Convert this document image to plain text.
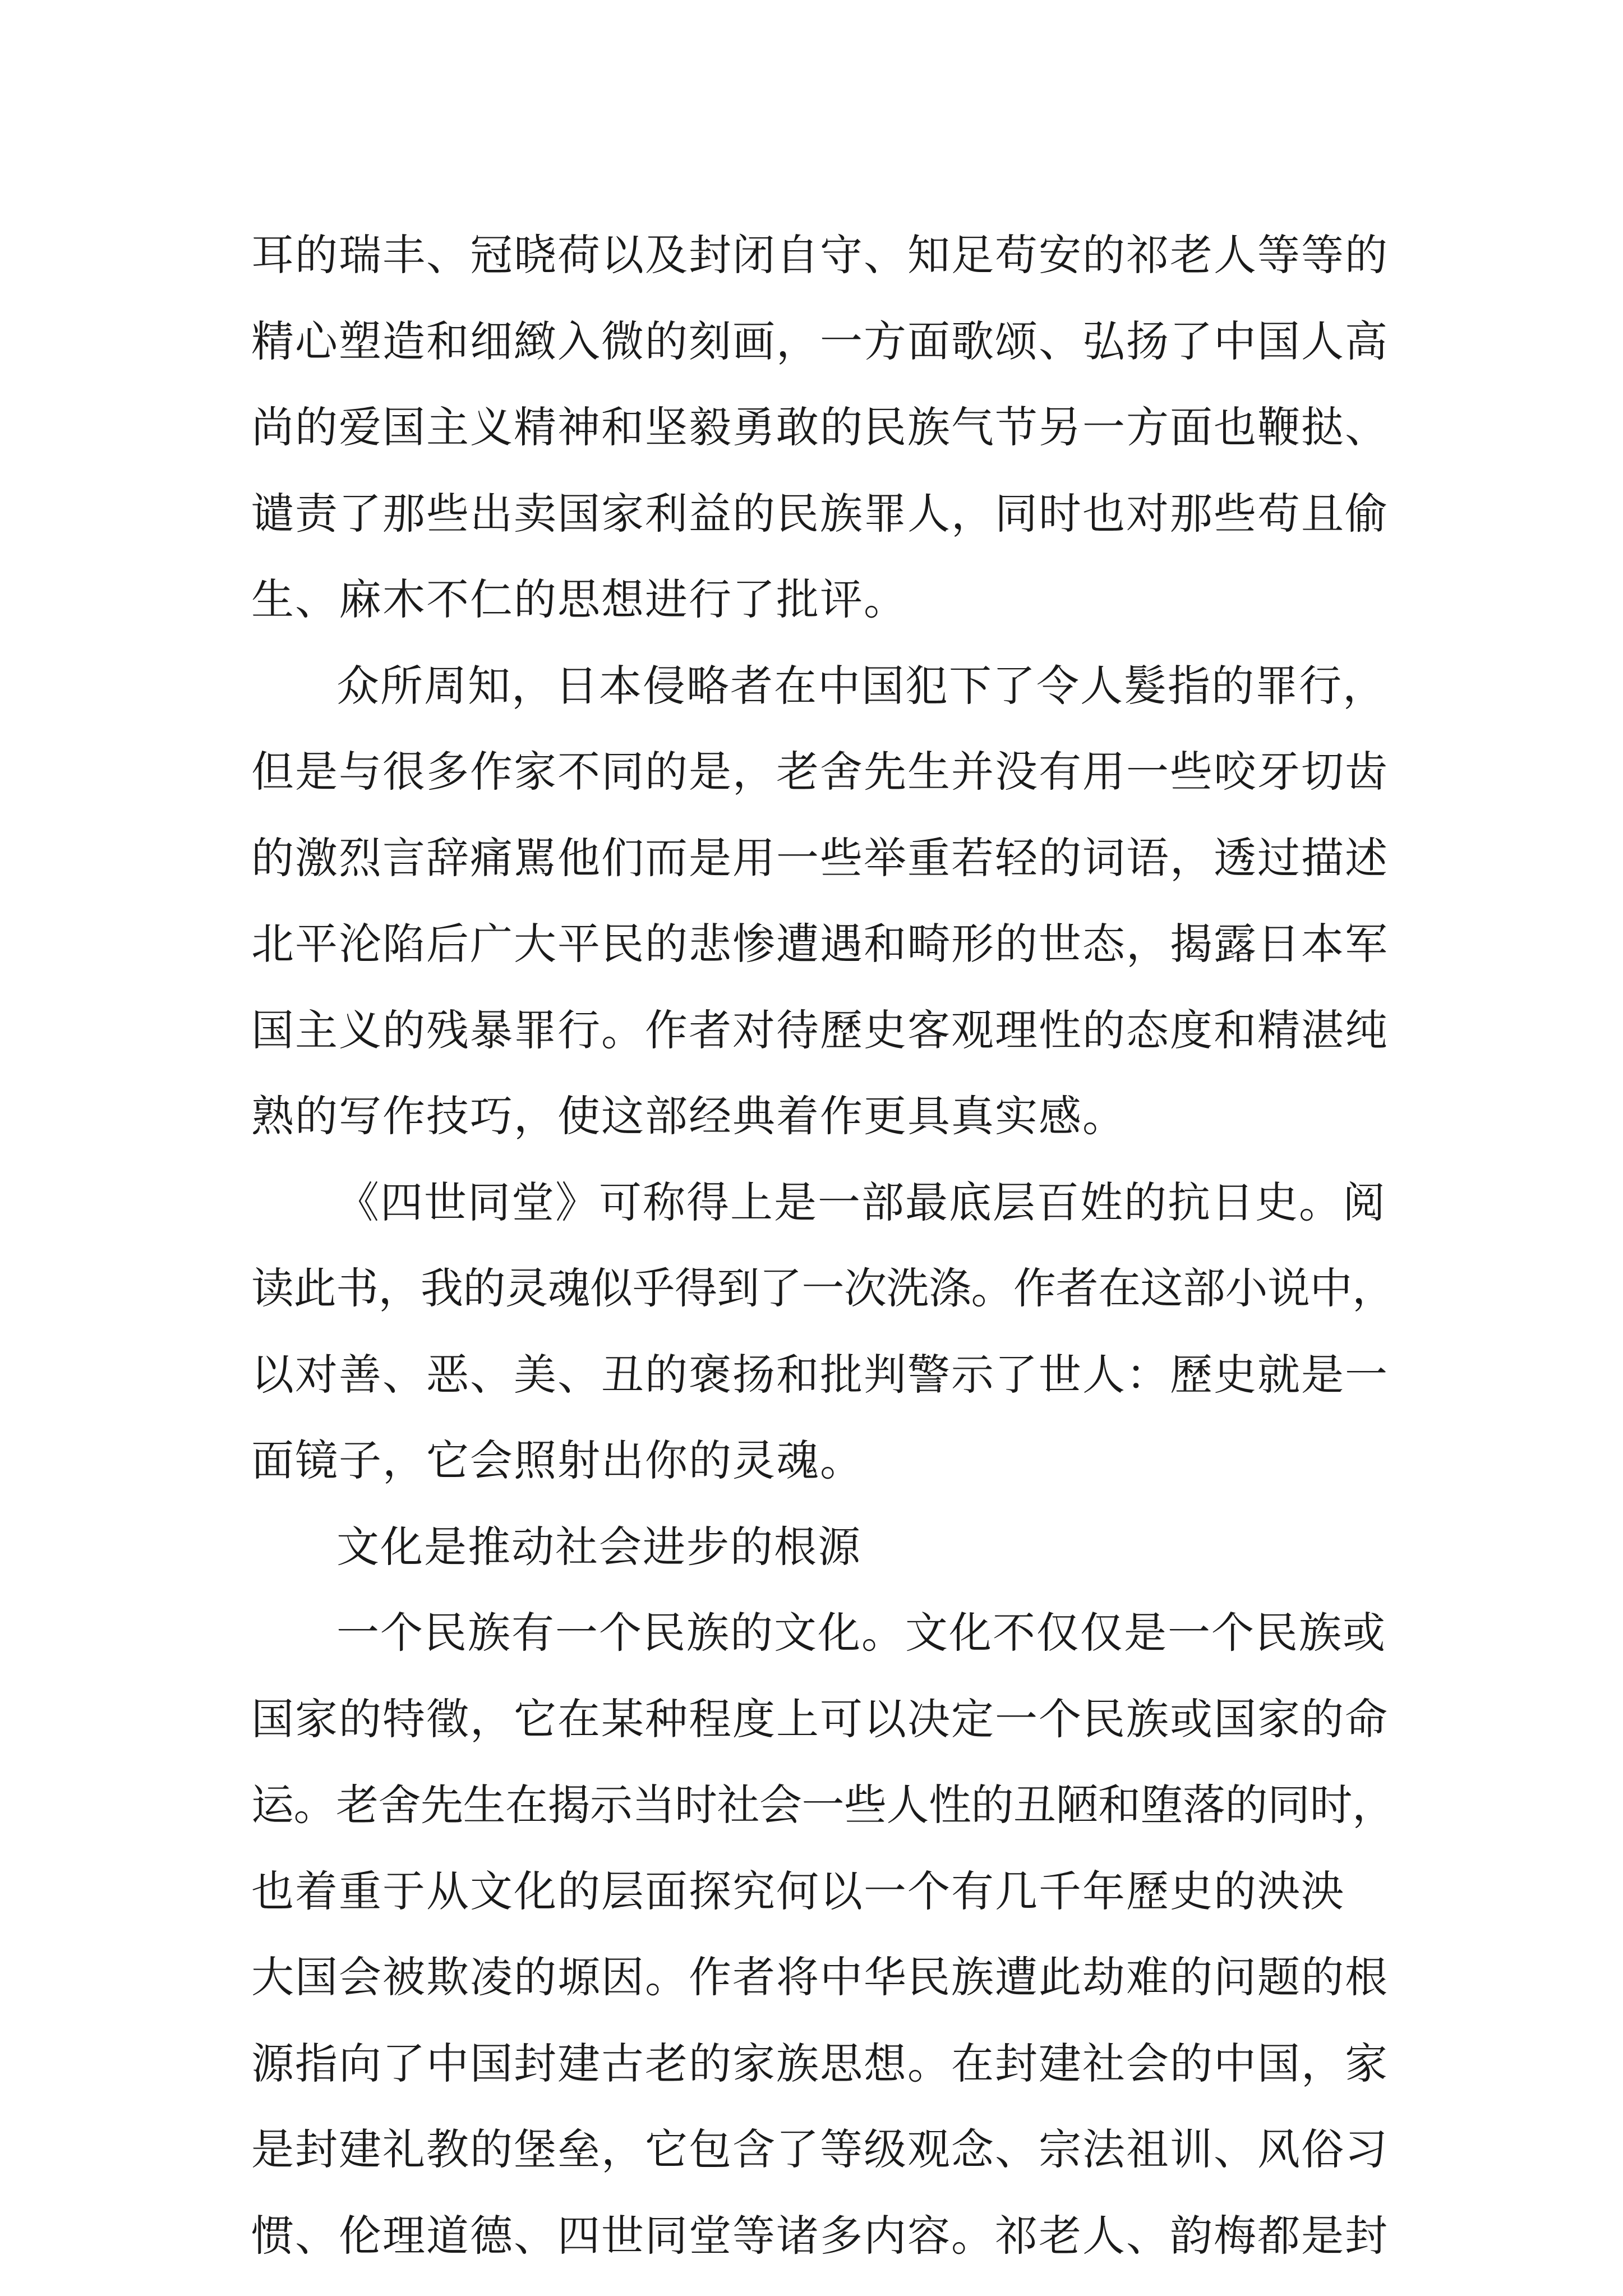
耳的瑞丰、冠晓荷以及封闭自守、知足苟安的祁老人等等的
精心塑造和细緻入微的刻画，一方面歌颂、弘扬了中国人高
尚的爱国主义精神和坚毅勇敢的民族气节另一方面也鞭挞、
谴责了那些出卖国家利益的民族罪人，同时也对那些苟且偷
生、麻木不仁的思想进行了批评。
众所周知，日本侵略者在中国犯下了令人髮指的罪行，
但是与很多作家不同的是，老舍先生并没有用一些咬牙切齿
的激烈言辞痛駡他们而是用一些举重若轻的词语，透过描述
北平沦陷后广大平民的悲惨遭遇和畸形的世态，揭露日本军
国主义的残暴罪行。作者对待歷史客观理性的态度和精湛纯
熟的写作技巧，使这部经典着作更具真实感。
《四世同堂》可称得上是一部最底层百姓的抗日史。阅
读此书，我的灵魂似乎得到了一次洗涤。作者在这部小说中，
以对善、恶、美、丑的褒扬和批判警示了世人：歷史就是一
面镜子，它会照射出你的灵魂。
文化是推动社会进步的根源
一个民族有一个民族的文化。文化不仅仅是一个民族或
国家的特徵，它在某种程度上可以决定一个民族或国家的命
运。老舍先生在揭示当时社会一些人性的丑陋和堕落的同时，
也着重于从文化的层面探究何以一个有几千年歷史的泱泱
大国会被欺凌的塬因。作者将中华民族遭此劫难的问题的根
源指向了中国封建古老的家族思想。在封建社会的中国，家
是封建礼教的堡垒，它包含了等级观念、宗法祖训、风俗习
惯、伦理道德、四世同堂等诸多内容。祁老人、韵梅都是封
